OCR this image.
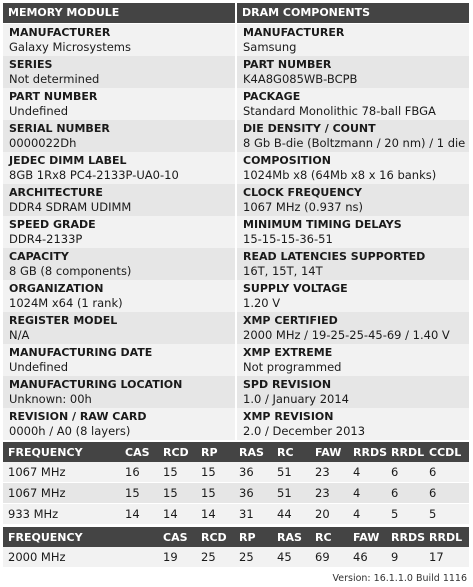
MEMORY MODULE
MANUFACTURER
Galaxy Microsystems
SERIES
Not determined
PART NUMBER
Undefined
SERIAL NUMBER
0000022Dh
JEDEC DIMM LABEL
8GB 1Rx8 PC4-2133P-UA0-10
ARCHITECTURE
DDR4 SDRAM UDIMM
SPEED GRADE
DDR4-2133P
CAPACITY
8 GB (8 components)
ORGANIZATION
1024M x64 (1 rank)
REGISTER MODEL
N/A
MANUFACTURING DATE
Undefined
MANUFACTURING LOCATION
Unknown: 00h
REVISION / RAW CARD
0000h / A0 (8 layers)
DRAM COMPONENTS
MANUFACTURER
Samsung
PART NUMBER
K4A8G085WB-BCPB
PACKAGE
Standard Monolithic 78-ball FBGA
DIE DENSITY / COUNT
8 Gb B-die (Boltzmann / 20 nm) / 1 die
COMPOSITION
1024Mb x8 (64Mb x8 x 16 banks)
CLOCK FREQUENCY
1067 MHz (0.937 ns)
MINIMUM TIMING DELAYS
15-15-15-36-51
READ LATENCIES SUPPORTED
16T, 15T, 14T
SUPPLY VOLTAGE
1.20 V
XMP CERTIFIED
2000 MHz / 19-25-25-45-69 / 1.40 V
XMP EXTREME
Not programmed
SPD REVISION
1.0 / January 2014
XMP REVISION
2.0 / December 2013
FREQUENCY	CAS	RCD	RP	RAS	RC	FAW	RRDS	RRDL	CCDL
1067 MHz	16	15	15	36	51	23	4	6	6
1067 MHz	15	15	15	36	51	23	4	6	6
933 MHz	14	14	14	31	44	20	4	5	5
FREQUENCY	CAS	RCD	RP	RAS	RC	FAW	RRDS	RRDL
2000 MHz	19	25	25	45	69	46	9	17
Version: 16.1.1.0 Build 1116
